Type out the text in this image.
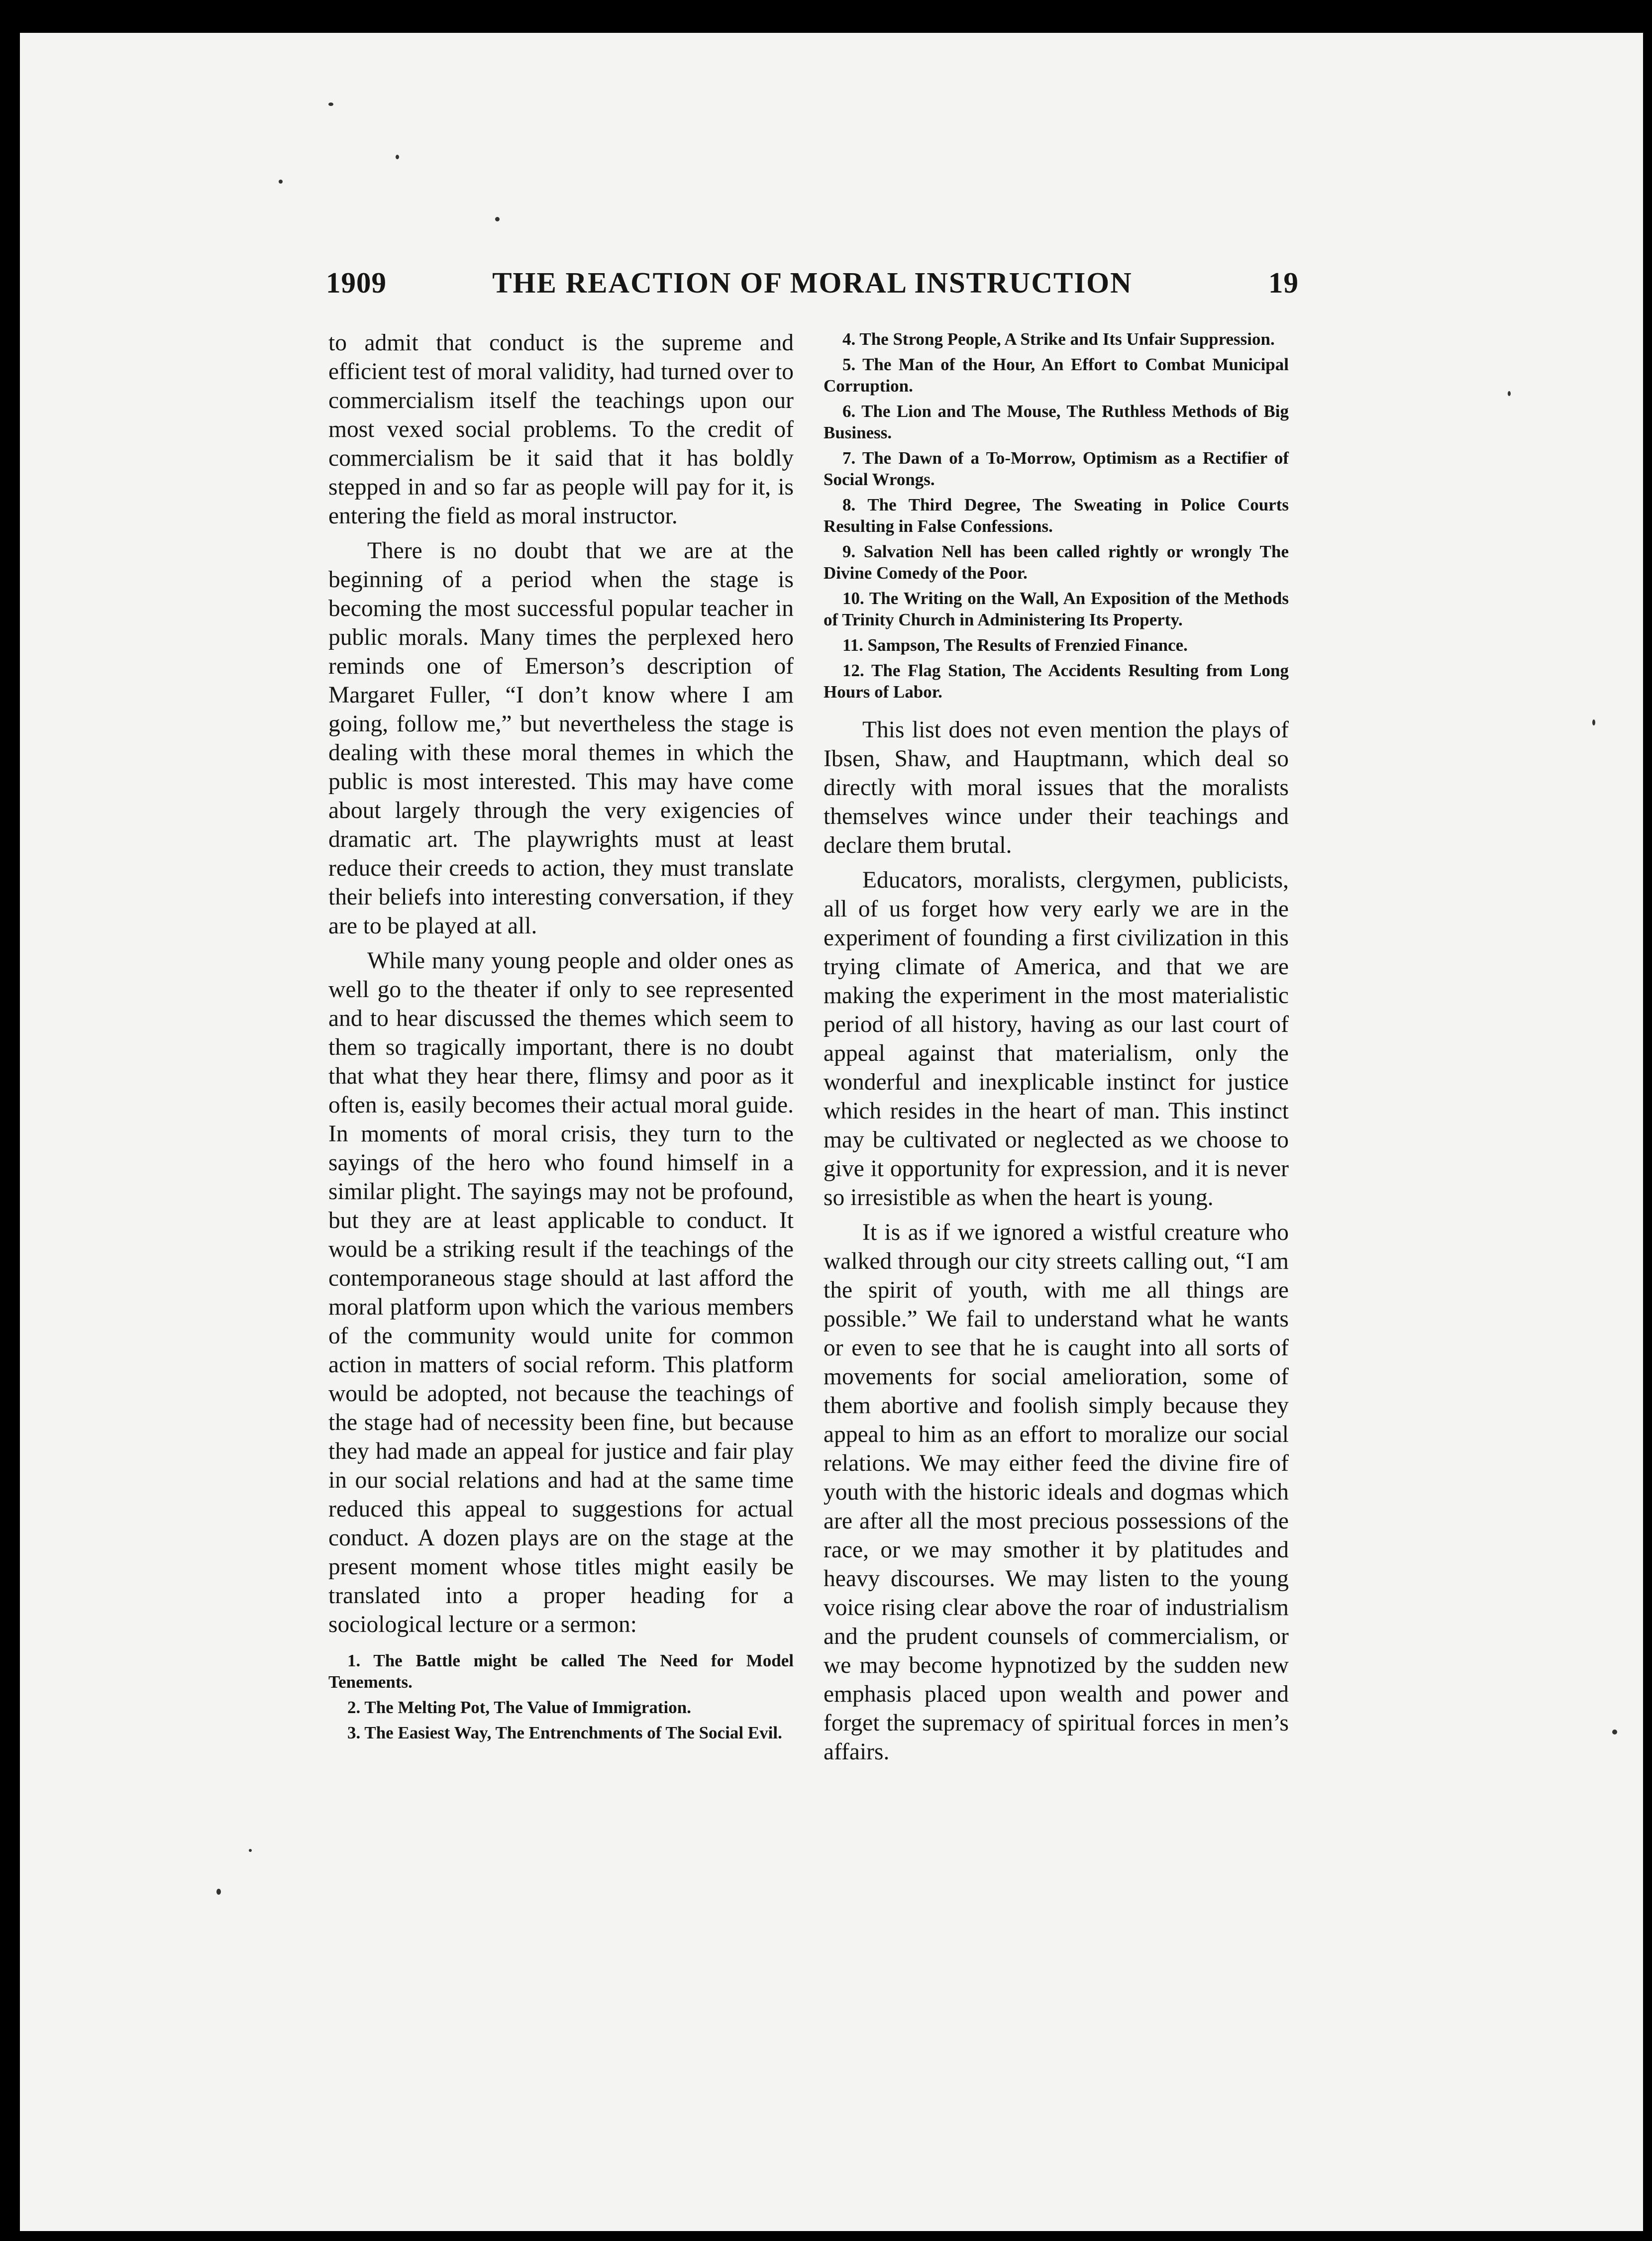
1909	THE REACTION OF MORAL INSTRUCTION	19

to admit that conduct is the supreme and efficient test of moral validity, had turned over to commercialism itself the teachings upon our most vexed social problems. To the credit of commercialism be it said that it has boldly stepped in and so far as people will pay for it, is entering the field as moral instructor.

There is no doubt that we are at the beginning of a period when the stage is becoming the most successful popular teacher in public morals. Many times the perplexed hero reminds one of Emerson’s description of Margaret Fuller, “I don’t know where I am going, follow me,” but nevertheless the stage is dealing with these moral themes in which the public is most interested. This may have come about largely through the very exigencies of dramatic art. The playwrights must at least reduce their creeds to action, they must translate their beliefs into interesting conversation, if they are to be played at all.

While many young people and older ones as well go to the theater if only to see represented and to hear discussed the themes which seem to them so tragically important, there is no doubt that what they hear there, flimsy and poor as it often is, easily becomes their actual moral guide. In moments of moral crisis, they turn to the sayings of the hero who found himself in a similar plight. The sayings may not be profound, but they are at least applicable to conduct. It would be a striking result if the teachings of the contemporaneous stage should at last afford the moral platform upon which the various members of the community would unite for common action in matters of social reform. This platform would be adopted, not because the teachings of the stage had of necessity been fine, but because they had made an appeal for justice and fair play in our social relations and had at the same time reduced this appeal to suggestions for actual conduct. A dozen plays are on the stage at the present moment whose titles might easily be translated into a proper heading for a sociological lecture or a sermon:

1. The Battle might be called The Need for Model Tenements.
2. The Melting Pot, The Value of Immigration.
3. The Easiest Way, The Entrenchments of The Social Evil.
4. The Strong People, A Strike and Its Unfair Suppression.
5. The Man of the Hour, An Effort to Combat Municipal Corruption.
6. The Lion and The Mouse, The Ruthless Methods of Big Business.
7. The Dawn of a To-Morrow, Optimism as a Rectifier of Social Wrongs.
8. The Third Degree, The Sweating in Police Courts Resulting in False Confessions.
9. Salvation Nell has been called rightly or wrongly The Divine Comedy of the Poor.
10. The Writing on the Wall, An Exposition of the Methods of Trinity Church in Administering Its Property.
11. Sampson, The Results of Frenzied Finance.
12. The Flag Station, The Accidents Resulting from Long Hours of Labor.

This list does not even mention the plays of Ibsen, Shaw, and Hauptmann, which deal so directly with moral issues that the moralists themselves wince under their teachings and declare them brutal.

Educators, moralists, clergymen, publicists, all of us forget how very early we are in the experiment of founding a first civilization in this trying climate of America, and that we are making the experiment in the most materialistic period of all history, having as our last court of appeal against that materialism, only the wonderful and inexplicable instinct for justice which resides in the heart of man. This instinct may be cultivated or neglected as we choose to give it opportunity for expression, and it is never so irresistible as when the heart is young.

It is as if we ignored a wistful creature who walked through our city streets calling out, “I am the spirit of youth, with me all things are possible.” We fail to understand what he wants or even to see that he is caught into all sorts of movements for social amelioration, some of them abortive and foolish simply because they appeal to him as an effort to moralize our social relations. We may either feed the divine fire of youth with the historic ideals and dogmas which are after all the most precious possessions of the race, or we may smother it by platitudes and heavy discourses. We may listen to the young voice rising clear above the roar of industrialism and the prudent counsels of commercialism, or we may become hypnotized by the sudden new emphasis placed upon wealth and power and forget the supremacy of spiritual forces in men’s affairs.
